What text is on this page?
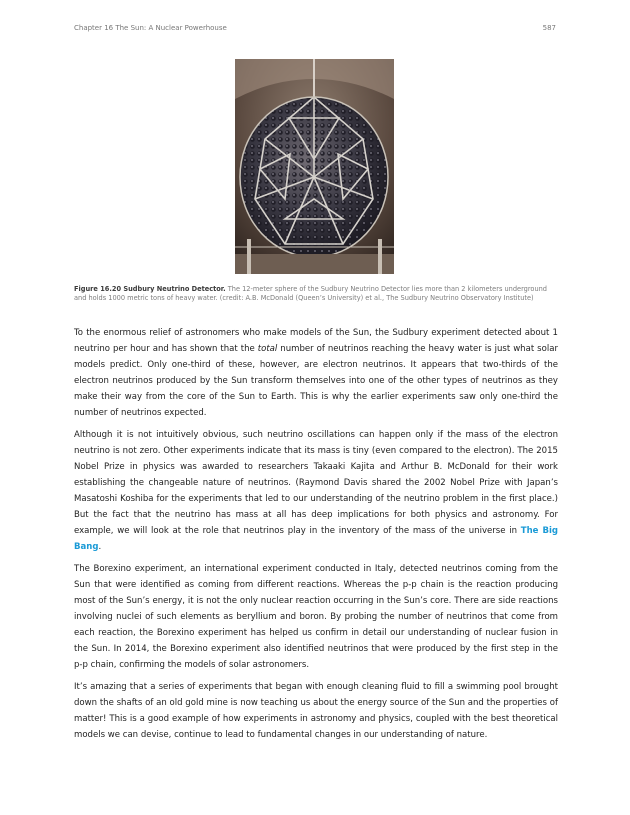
Chapter 16 The Sun: A Nuclear Powerhouse	587
Figure 16.20 Sudbury Neutrino Detector. The 12-meter sphere of the Sudbury Neutrino Detector lies more than 2 kilometers underground and holds 1000 metric tons of heavy water. (credit: A.B. McDonald (Queen’s University) et al., The Sudbury Neutrino Observatory Institute)

To the enormous relief of astronomers who make models of the Sun, the Sudbury experiment detected about 1 neutrino per hour and has shown that the total number of neutrinos reaching the heavy water is just what solar models predict. Only one-third of these, however, are electron neutrinos. It appears that two-thirds of the electron neutrinos produced by the Sun transform themselves into one of the other types of neutrinos as they make their way from the core of the Sun to Earth. This is why the earlier experiments saw only one-third the number of neutrinos expected.

Although it is not intuitively obvious, such neutrino oscillations can happen only if the mass of the electron neutrino is not zero. Other experiments indicate that its mass is tiny (even compared to the electron). The 2015 Nobel Prize in physics was awarded to researchers Takaaki Kajita and Arthur B. McDonald for their work establishing the changeable nature of neutrinos. (Raymond Davis shared the 2002 Nobel Prize with Japan’s Masatoshi Koshiba for the experiments that led to our understanding of the neutrino problem in the first place.) But the fact that the neutrino has mass at all has deep implications for both physics and astronomy. For example, we will look at the role that neutrinos play in the inventory of the mass of the universe in The Big Bang.

The Borexino experiment, an international experiment conducted in Italy, detected neutrinos coming from the Sun that were identified as coming from different reactions. Whereas the p-p chain is the reaction producing most of the Sun’s energy, it is not the only nuclear reaction occurring in the Sun’s core. There are side reactions involving nuclei of such elements as beryllium and boron. By probing the number of neutrinos that come from each reaction, the Borexino experiment has helped us confirm in detail our understanding of nuclear fusion in the Sun. In 2014, the Borexino experiment also identified neutrinos that were produced by the first step in the p-p chain, confirming the models of solar astronomers.

It’s amazing that a series of experiments that began with enough cleaning fluid to fill a swimming pool brought down the shafts of an old gold mine is now teaching us about the energy source of the Sun and the properties of matter! This is a good example of how experiments in astronomy and physics, coupled with the best theoretical models we can devise, continue to lead to fundamental changes in our understanding of nature.
